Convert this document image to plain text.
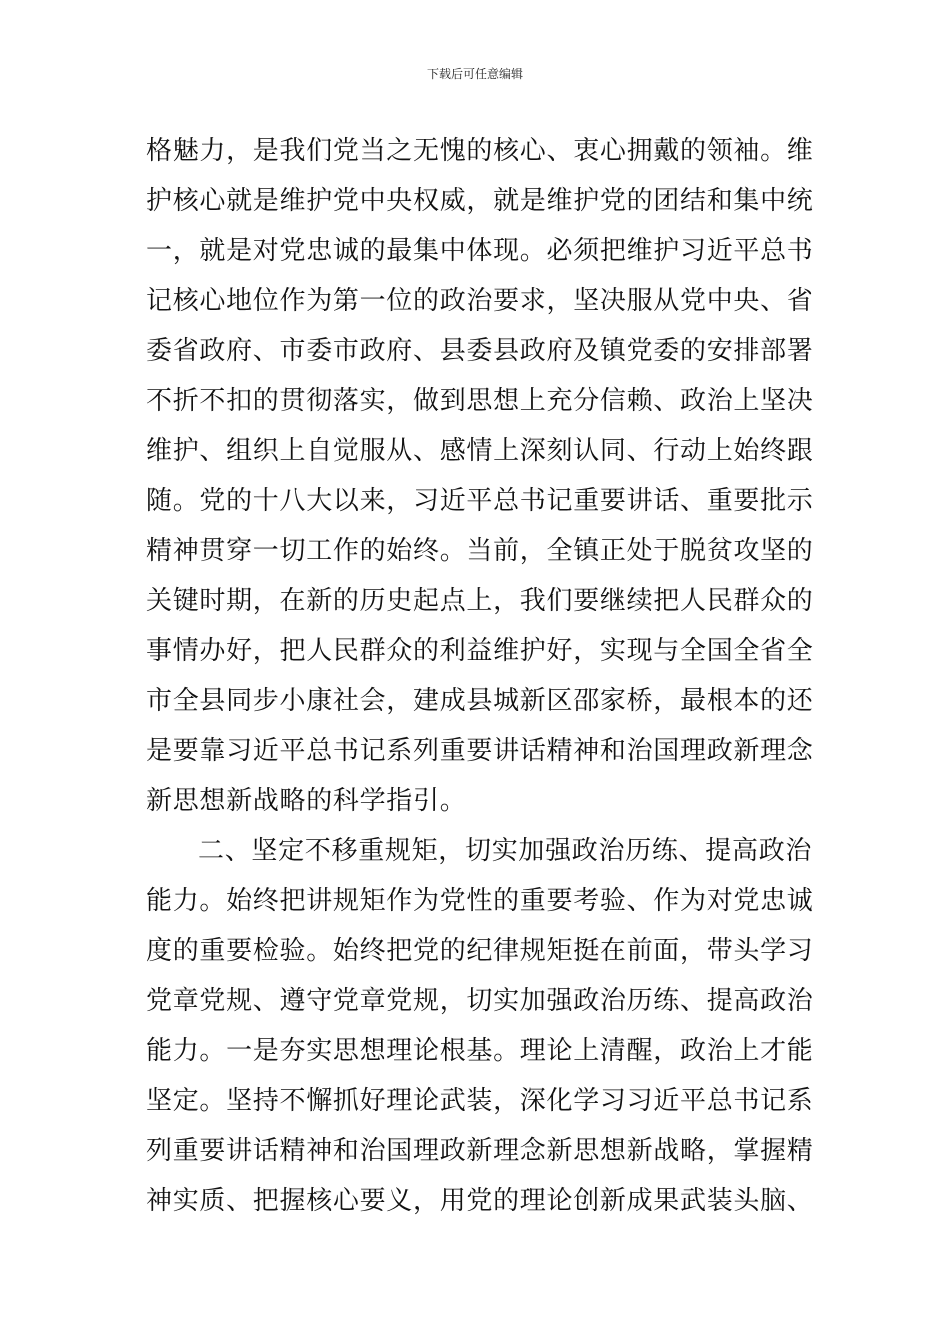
下载后可任意编辑
格魅力，是我们党当之无愧的核心、衷心拥戴的领袖。维
护核心就是维护党中央权威，就是维护党的团结和集中统
一，就是对党忠诚的最集中体现。必须把维护习近平总书
记核心地位作为第一位的政治要求，坚决服从党中央、省
委省政府、市委市政府、县委县政府及镇党委的安排部署
不折不扣的贯彻落实，做到思想上充分信赖、政治上坚决
维护、组织上自觉服从、感情上深刻认同、行动上始终跟
随。党的十八大以来，习近平总书记重要讲话、重要批示
精神贯穿一切工作的始终。当前，全镇正处于脱贫攻坚的
关键时期，在新的历史起点上，我们要继续把人民群众的
事情办好，把人民群众的利益维护好，实现与全国全省全
市全县同步小康社会，建成县城新区邵家桥，最根本的还
是要靠习近平总书记系列重要讲话精神和治国理政新理念
新思想新战略的科学指引。
二、坚定不移重规矩，切实加强政治历练、提高政治
能力。始终把讲规矩作为党性的重要考验、作为对党忠诚
度的重要检验。始终把党的纪律规矩挺在前面，带头学习
党章党规、遵守党章党规，切实加强政治历练、提高政治
能力。一是夯实思想理论根基。理论上清醒，政治上才能
坚定。坚持不懈抓好理论武装，深化学习习近平总书记系
列重要讲话精神和治国理政新理念新思想新战略，掌握精
神实质、把握核心要义，用党的理论创新成果武装头脑、
